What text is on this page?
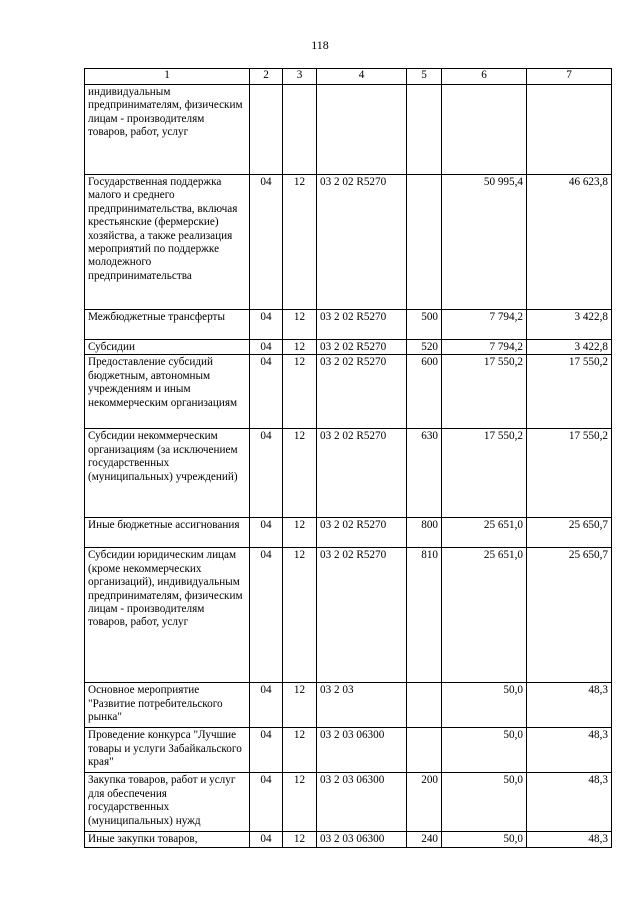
118
1	2	3	4	5	6	7
индивидуальным предпринимателям, физическим лицам - производителям товаров, работ, услуг						
Государственная поддержка малого и среднего предпринимательства, включая крестьянские (фермерские) хозяйства, а также реализация мероприятий по поддержке молодежного предпринимательства	04	12	03 2 02 R5270		50 995,4	46 623,8
Межбюджетные трансферты	04	12	03 2 02 R5270	500	7 794,2	3 422,8
Субсидии	04	12	03 2 02 R5270	520	7 794,2	3 422,8
Предоставление субсидий бюджетным, автономным учреждениям и иным некоммерческим организациям	04	12	03 2 02 R5270	600	17 550,2	17 550,2
Субсидии некоммерческим организациям (за исключением государственных (муниципальных) учреждений)	04	12	03 2 02 R5270	630	17 550,2	17 550,2
Иные бюджетные ассигнования	04	12	03 2 02 R5270	800	25 651,0	25 650,7
Субсидии юридическим лицам (кроме некоммерческих организаций), индивидуальным предпринимателям, физическим лицам - производителям товаров, работ, услуг	04	12	03 2 02 R5270	810	25 651,0	25 650,7
Основное мероприятие "Развитие потребительского рынка"	04	12	03 2 03		50,0	48,3
Проведение конкурса "Лучшие товары и услуги Забайкальского края"	04	12	03 2 03 06300		50,0	48,3
Закупка товаров, работ и услуг для обеспечения государственных (муниципальных) нужд	04	12	03 2 03 06300	200	50,0	48,3
Иные закупки товаров,	04	12	03 2 03 06300	240	50,0	48,3
